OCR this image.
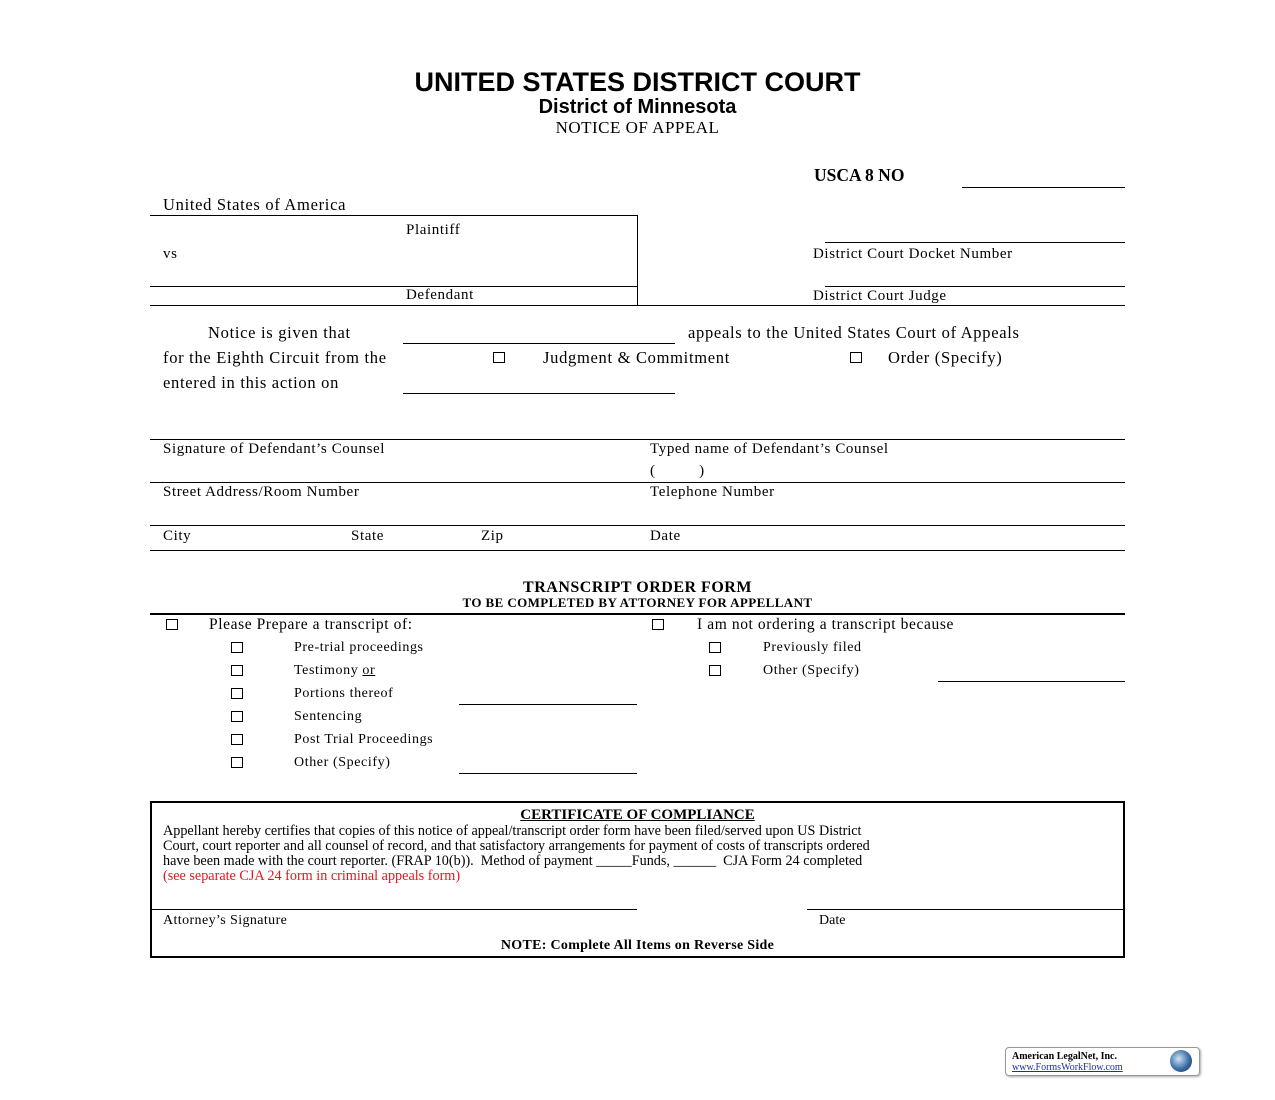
UNITED STATES DISTRICT COURT
District of Minnesota
NOTICE OF APPEAL
USCA 8 NO
United States of America
Plaintiff
vs
Defendant
District Court Docket Number
District Court Judge
Notice is given that	appeals to the United States Court of Appeals
for the Eighth Circuit from the	Judgment & Commitment	Order (Specify)
entered in this action on
Signature of Defendant’s Counsel	Typed name of Defendant’s Counsel
(          )
Street Address/Room Number	Telephone Number
City	State	Zip	Date
TRANSCRIPT ORDER FORM
TO BE COMPLETED BY ATTORNEY FOR APPELLANT
Please Prepare a transcript of:	I am not ordering a transcript because
Pre-trial proceedings
Testimony or
Portions thereof
Sentencing
Post Trial Proceedings
Other (Specify)
Previously filed
Other (Specify)
CERTIFICATE OF COMPLIANCE
Appellant hereby certifies that copies of this notice of appeal/transcript order form have been filed/served upon US District
Court, court reporter and all counsel of record, and that satisfactory arrangements for payment of costs of transcripts ordered
have been made with the court reporter. (FRAP 10(b)).  Method of payment _____Funds, ______  CJA Form 24 completed
(see separate CJA 24 form in criminal appeals form)
Attorney’s Signature	Date
NOTE: Complete All Items on Reverse Side
American LegalNet, Inc.
www.FormsWorkFlow.com
